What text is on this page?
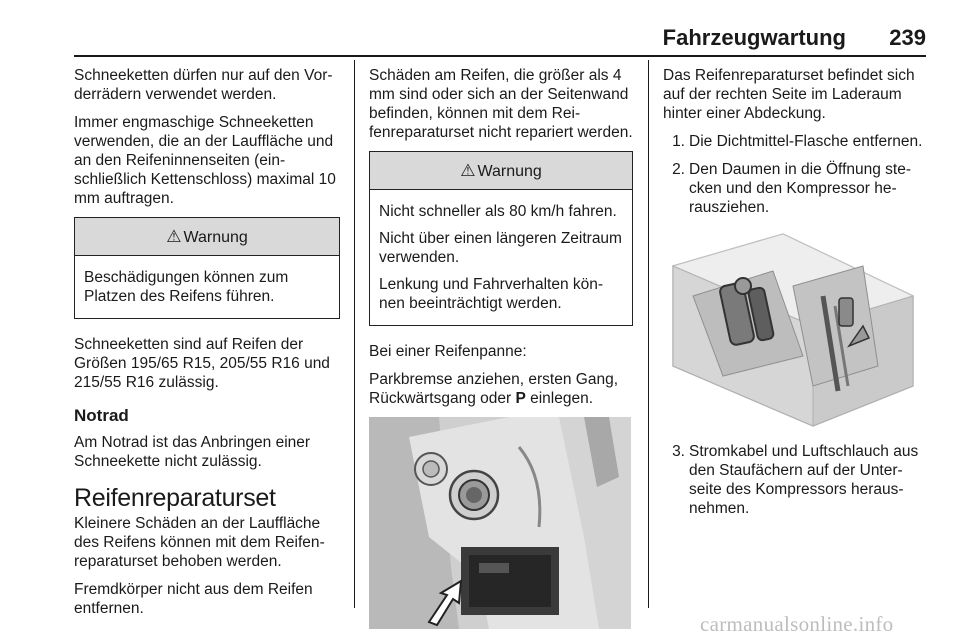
Fahrzeugwartung 239

Schneeketten dürfen nur auf den Vorderrädern verwendet werden.

Immer engmaschige Schneeketten verwenden, die an der Lauffläche und an den Reifeninnenseiten (einschließlich Kettenschloss) maximal 10 mm auftragen.

⚠ Warnung

Beschädigungen können zum Platzen des Reifens führen.

Schneeketten sind auf Reifen der Größen 195/65 R15, 205/55 R16 und 215/55 R16 zulässig.

Notrad

Am Notrad ist das Anbringen einer Schneekette nicht zulässig.

Reifenreparaturset

Kleinere Schäden an der Lauffläche des Reifens können mit dem Reifenreparaturset behoben werden.

Fremdkörper nicht aus dem Reifen entfernen.

Schäden am Reifen, die größer als 4 mm sind oder sich an der Seitenwand befinden, können mit dem Reifenreparaturset nicht repariert werden.

⚠ Warnung

Nicht schneller als 80 km/h fahren.

Nicht über einen längeren Zeitraum verwenden.

Lenkung und Fahrverhalten können beeinträchtigt werden.

Bei einer Reifenpanne:

Parkbremse anziehen, ersten Gang, Rückwärtsgang oder P einlegen.

Das Reifenreparaturset befindet sich auf der rechten Seite im Laderaum hinter einer Abdeckung.

1. Die Dichtmittel-Flasche entfernen.
2. Den Daumen in die Öffnung stecken und den Kompressor herausziehen.
3. Stromkabel und Luftschlauch aus den Staufächern auf der Unterseite des Kompressors herausnehmen.
carmanualsonline.info
